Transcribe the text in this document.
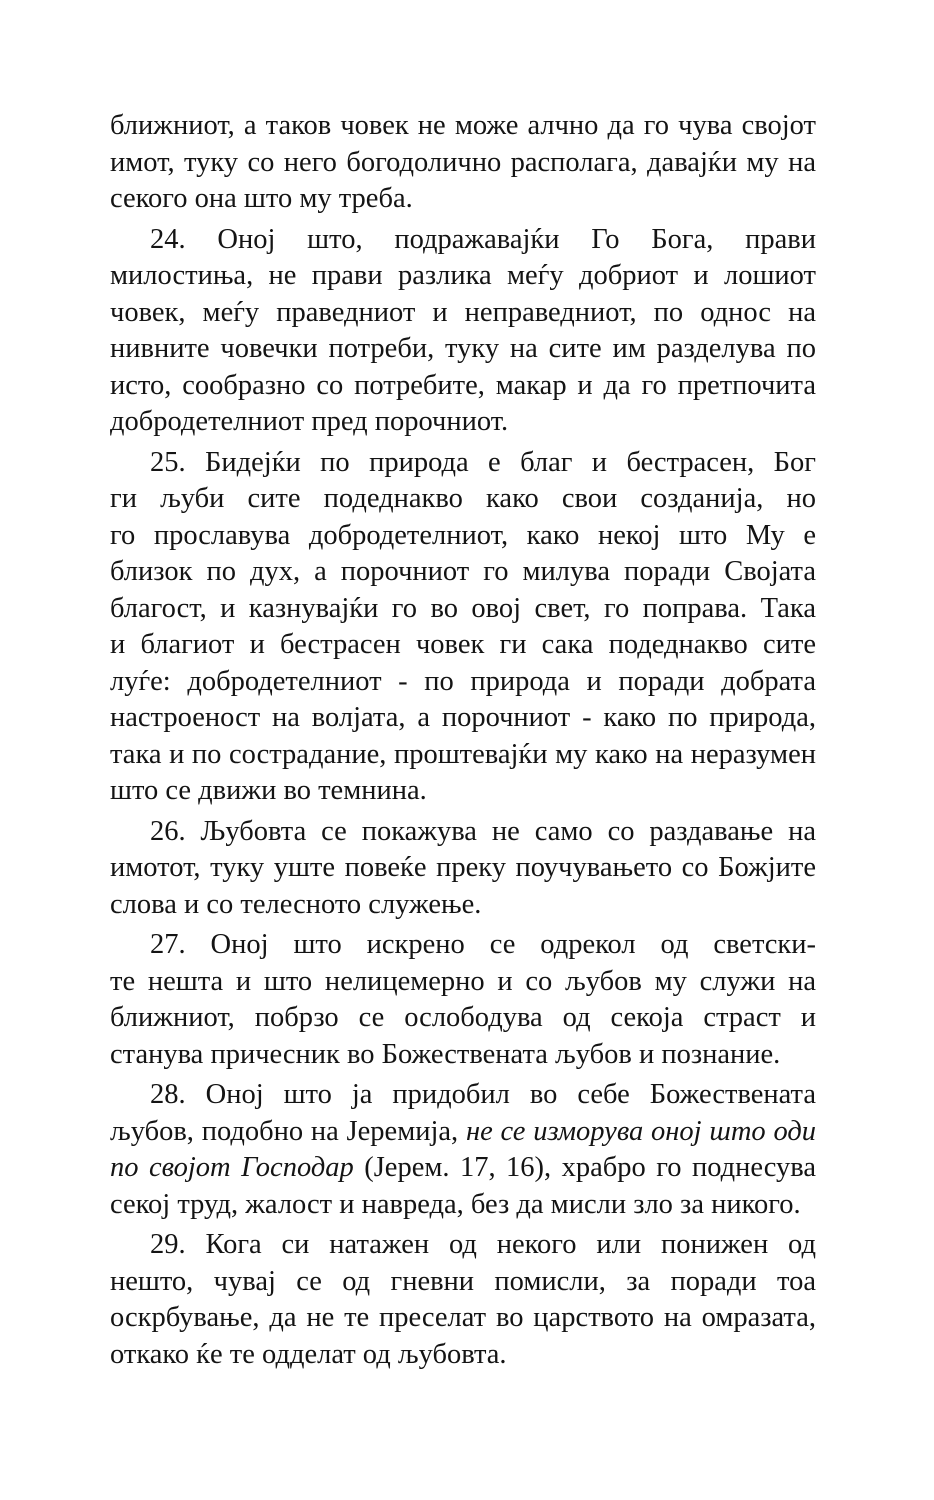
ближниот, а таков човек не може алчно да го чува својот
имот, туку со него богодолично располага, давајќи му на
секого она што му треба.
24. Оној што, подражавајќи Го Бога, прави
милостиња, не прави разлика меѓу добриот и лошиот
човек, меѓу праведниот и неправедниот, по однос на
нивните човечки потреби, туку на сите им разделува по
исто, сообразно со потребите, макар и да го претпочита
добродетелниот пред порочниот.
25. Бидејќи по природа е благ и бестрасен, Бог
ги љуби сите подеднакво како свои созданија, но
го прославува добродетелниот, како некој што Му е
близок по дух, а порочниот го милува поради Својата
благост, и казнувајќи го во овој свет, го поправа. Така
и благиот и бестрасен човек ги сака подеднакво сите
луѓе: добродетелниот - по природа и поради добрата
настроеност на волјата, а порочниот - како по природа,
така и по сострадание, проштевајќи му како на неразумен
што се движи во темнина.
26. Љубовта се покажува не само со раздавање на
имотот, туку уште повеќе преку поучувањето со Божјите
слова и со телесното служење.
27. Оној што искрено се одрекол од светски-
те нешта и што нелицемерно и со љубов му служи на
ближниот, побрзо се ослободува од секоја страст и
станува причесник во Божествената љубов и познание.
28. Оној што ја придобил во себе Божествената
љубов, подобно на Јеремија, не се изморува оној што оди
по својот Господар (Јерем. 17, 16), храбро го поднесува
секој труд, жалост и навреда, без да мисли зло за никого.
29. Кога си натажен од некого или понижен од
нешто, чувај се од гневни помисли, за поради тоа
оскрбување, да не те преселат во царството на омразата,
откако ќе те одделат од љубовта.
